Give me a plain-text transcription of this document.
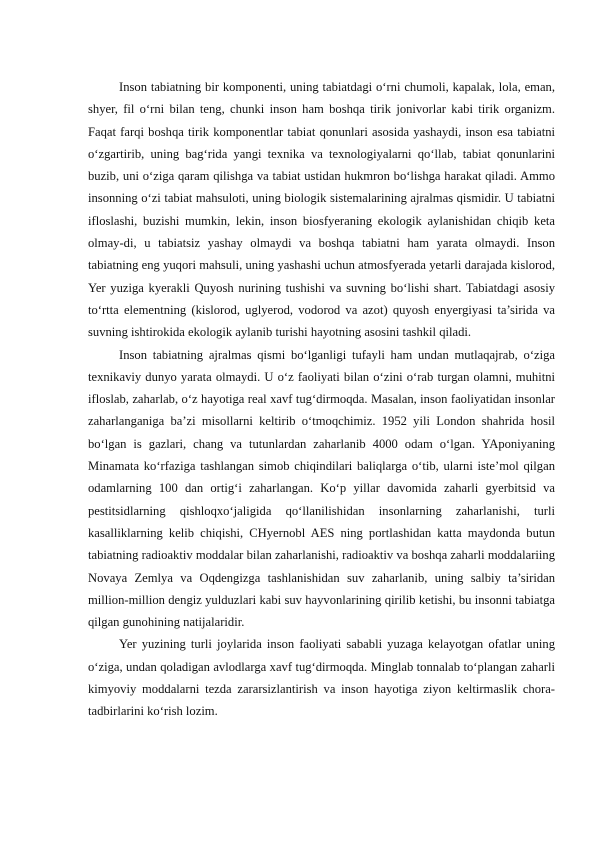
Inson tabiatning bir komponenti, uning tabiatdagi o‘rni chumoli, kapalak, lola, eman, shyer, fil o‘rni bilan teng, chunki inson ham boshqa tirik jonivorlar kabi tirik organizm. Faqat farqi boshqa tirik komponentlar tabiat qonunlari asosida yashaydi, inson esa tabiatni o‘zgartirib, uning bag‘rida yangi texnika va texnologiyalarni qo‘llab, tabiat qonunlarini buzib, uni o‘ziga qaram qilishga va tabiat ustidan hukmron bo‘lishga harakat qiladi. Ammo insonning o‘zi tabiat mahsuloti, uning biologik sistemalarining ajralmas qismidir. U tabiatni ifloslashi, buzishi mumkin, lekin, inson biosfyeraning ekologik aylanishidan chiqib keta olmay-di, u tabiatsiz yashay olmaydi va boshqa tabiatni ham yarata olmaydi. Inson tabiatning eng yuqori mahsuli, uning yashashi uchun atmosfyerada yetarli darajada kislorod, Yer yuziga kyerakli Quyosh nurining tushishi va suvning bo‘lishi shart. Tabiatdagi asosiy to‘rtta elementning (kislorod, uglyerod, vodorod va azot) quyosh enyergiyasi ta’sirida va suvning ishtirokida ekologik aylanib turishi hayotning asosini tashkil qiladi.

Inson tabiatning ajralmas qismi bo‘lganligi tufayli ham undan mutlaqajrab, o‘ziga texnikaviy dunyo yarata olmaydi. U o‘z faoliyati bilan o‘zini o‘rab turgan olamni, muhitni ifloslab, zaharlab, o‘z hayotiga real xavf tug‘dirmoqda. Masalan, inson faoliyatidan insonlar zaharlanganiga ba’zi misollarni keltirib o‘tmoqchimiz. 1952 yili London shahrida hosil bo‘lgan is gazlari, chang va tutunlardan zaharlanib 4000 odam o‘lgan. YAponiyaning Minamata ko‘rfaziga tashlangan simob chiqindilari baliqlarga o‘tib, ularni iste’mol qilgan odamlarning 100 dan ortig‘i zaharlangan. Ko‘p yillar davomida zaharli gyerbitsid va pestitsidlarning qishloqxo‘jaligida qo‘llanilishidan insonlarning zaharlanishi, turli kasalliklarning kelib chiqishi, CHyernobl AES ning portlashidan katta maydonda butun tabiatning radioaktiv moddalar bilan zaharlanishi, radioaktiv va boshqa zaharli moddalariing Novaya Zemlya va Oqdengizga tashlanishidan suv zaharlanib, uning salbiy ta’siridan million-million dengiz yulduzlari kabi suv hayvonlarining qirilib ketishi, bu insonni tabiatga qilgan gunohining natijalaridir.

Yer yuzining turli joylarida inson faoliyati sababli yuzaga kelayotgan ofatlar uning o‘ziga, undan qoladigan avlodlarga xavf tug‘dirmoqda. Minglab tonnalab to‘plangan zaharli kimyoviy moddalarni tezda zararsizlantirish va inson hayotiga ziyon keltirmaslik chora-tadbirlarini ko‘rish lozim.
